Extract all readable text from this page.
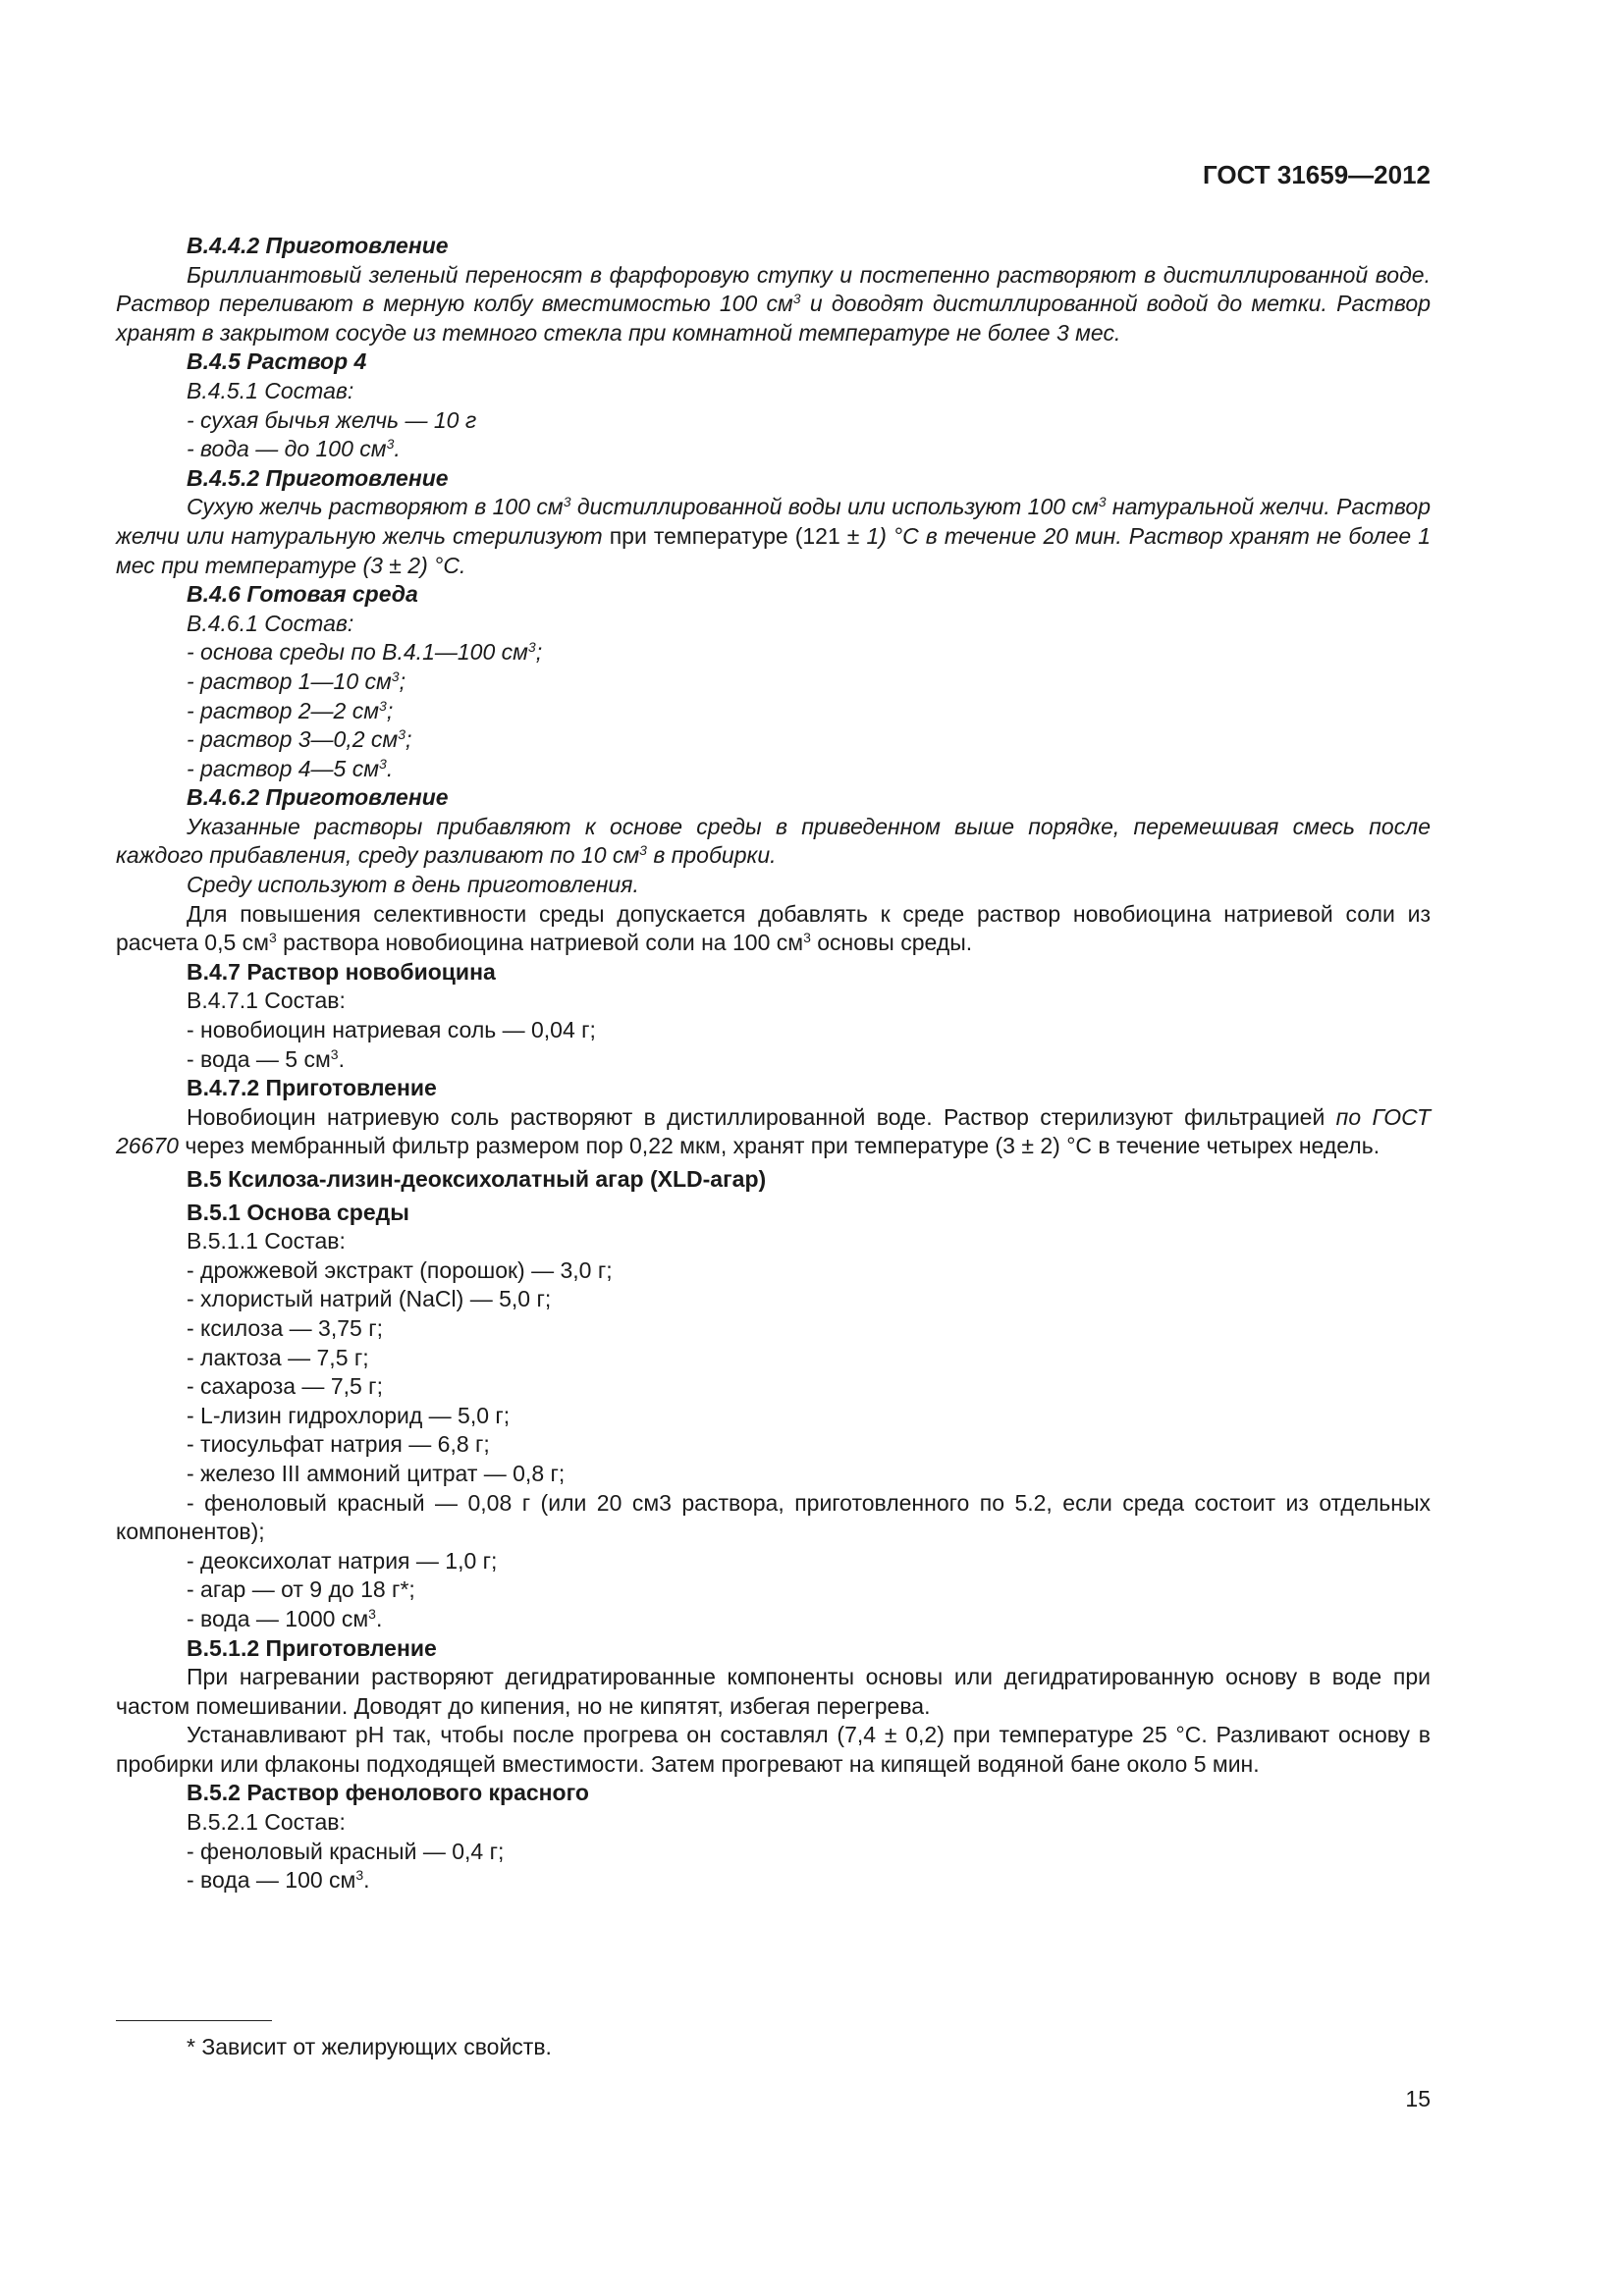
ГОСТ 31659—2012
В.4.4.2 Приготовление
Бриллиантовый зеленый переносят в фарфоровую ступку и постепенно растворяют в дистиллированной воде. Раствор переливают в мерную колбу вместимостью 100 $см^3$ и доводят дистиллированной водой до метки. Раствор хранят в закрытом сосуде из темного стекла при комнатной температуре не более 3 мес.
В.4.5 Раствор 4
В.4.5.1 Состав:
- сухая бычья желчь — 10 г
- вода — до 100 $см^3$.
В.4.5.2 Приготовление
Сухую желчь растворяют в 100 $см^3$ дистиллированной воды или используют 100 $см^3$ натуральной желчи. Раствор желчи или натуральную желчь стерилизуют при температуре (121 ± 1) °С в течение 20 мин. Раствор хранят не более 1 мес при температуре (3 ± 2) °С.
В.4.6 Готовая среда
В.4.6.1 Состав:
- основа среды по В.4.1—100 $см^3$;
- раствор 1—10 $см^3$;
- раствор 2—2 $см^3$;
- раствор 3—0,2 $см^3$;
- раствор 4—5 $см^3$.
В.4.6.2 Приготовление
Указанные растворы прибавляют к основе среды в приведенном выше порядке, перемешивая смесь после каждого прибавления, среду разливают по 10 $см^3$ в пробирки.
Среду используют в день приготовления.
Для повышения селективности среды допускается добавлять к среде раствор новобиоцина натриевой соли из расчета 0,5 $см^3$ раствора новобиоцина натриевой соли на 100 $см^3$ основы среды.
В.4.7 Раствор новобиоцина
В.4.7.1 Состав:
- новобиоцин натриевая соль — 0,04 г;
- вода — 5 $см^3$.
В.4.7.2 Приготовление
Новобиоцин натриевую соль растворяют в дистиллированной воде. Раствор стерилизуют фильтрацией по ГОСТ 26670 через мембранный фильтр размером пор 0,22 мкм, хранят при температуре (3 ± 2) °С в течение четырех недель.
В.5 Ксилоза-лизин-деоксихолатный агар (XLD-агар)
В.5.1 Основа среды
В.5.1.1 Состав:
- дрожжевой экстракт (порошок) — 3,0 г;
- хлористый натрий (NaCl) — 5,0 г;
- ксилоза — 3,75 г;
- лактоза — 7,5 г;
- сахароза — 7,5 г;
- L-лизин гидрохлорид — 5,0 г;
- тиосульфат натрия — 6,8 г;
- железо III аммоний цитрат — 0,8 г;
- феноловый красный — 0,08 г (или 20 см3 раствора, приготовленного по 5.2, если среда состоит из отдельных компонентов);
- деоксихолат натрия — 1,0 г;
- агар — от 9 до 18 г*;
- вода — 1000 $см^3$.
В.5.1.2 Приготовление
При нагревании растворяют дегидратированные компоненты основы или дегидратированную основу в воде при частом помешивании. Доводят до кипения, но не кипятят, избегая перегрева.
Устанавливают pH так, чтобы после прогрева он составлял (7,4 ± 0,2) при температуре 25 °С. Разливают основу в пробирки или флаконы подходящей вместимости. Затем прогревают на кипящей водяной бане около 5 мин.
В.5.2 Раствор фенолового красного
В.5.2.1 Состав:
- феноловый красный — 0,4 г;
- вода — 100 $см^3$.
* Зависит от желирующих свойств.
15
